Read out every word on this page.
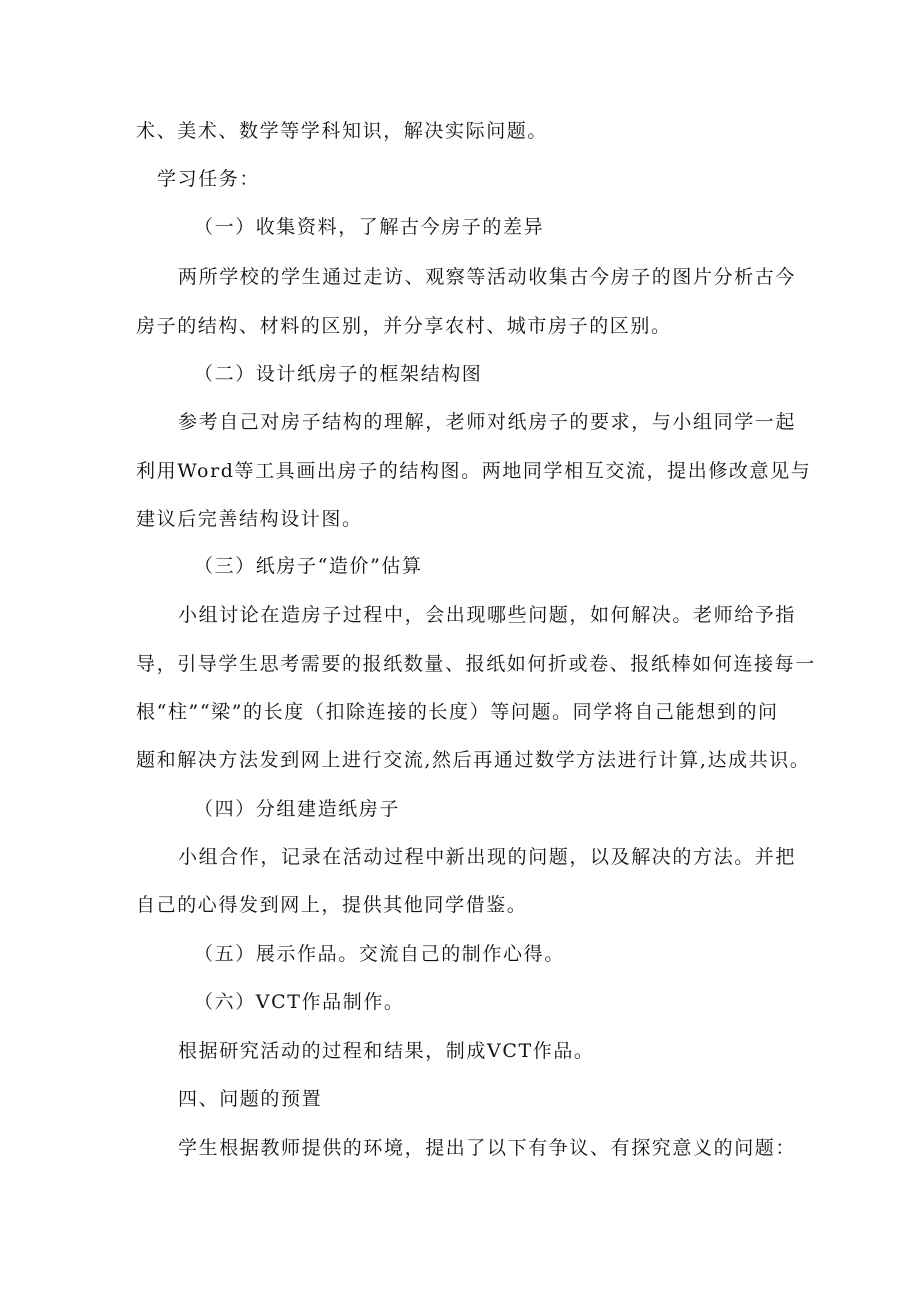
术、美术、数学等学科知识，解决实际问题。
学习任务：
（一）收集资料，了解古今房子的差异
两所学校的学生通过走访、观察等活动收集古今房子的图片分析古今
房子的结构、材料的区别，并分享农村、城市房子的区别。
（二）设计纸房子的框架结构图
参考自己对房子结构的理解，老师对纸房子的要求，与小组同学一起
利用Word等工具画出房子的结构图。两地同学相互交流，提出修改意见与
建议后完善结构设计图。
（三）纸房子“造价”估算
小组讨论在造房子过程中，会出现哪些问题，如何解决。老师给予指
导，引导学生思考需要的报纸数量、报纸如何折或卷、报纸棒如何连接每一
根“柱”“梁”的长度（扣除连接的长度）等问题。同学将自己能想到的问
题和解决方法发到网上进行交流,然后再通过数学方法进行计算,达成共识。
（四）分组建造纸房子
小组合作，记录在活动过程中新出现的问题，以及解决的方法。并把
自己的心得发到网上，提供其他同学借鉴。
（五）展示作品。交流自己的制作心得。
（六）VCT作品制作。
根据研究活动的过程和结果，制成VCT作品。
四、问题的预置
学生根据教师提供的环境，提出了以下有争议、有探究意义的问题：
